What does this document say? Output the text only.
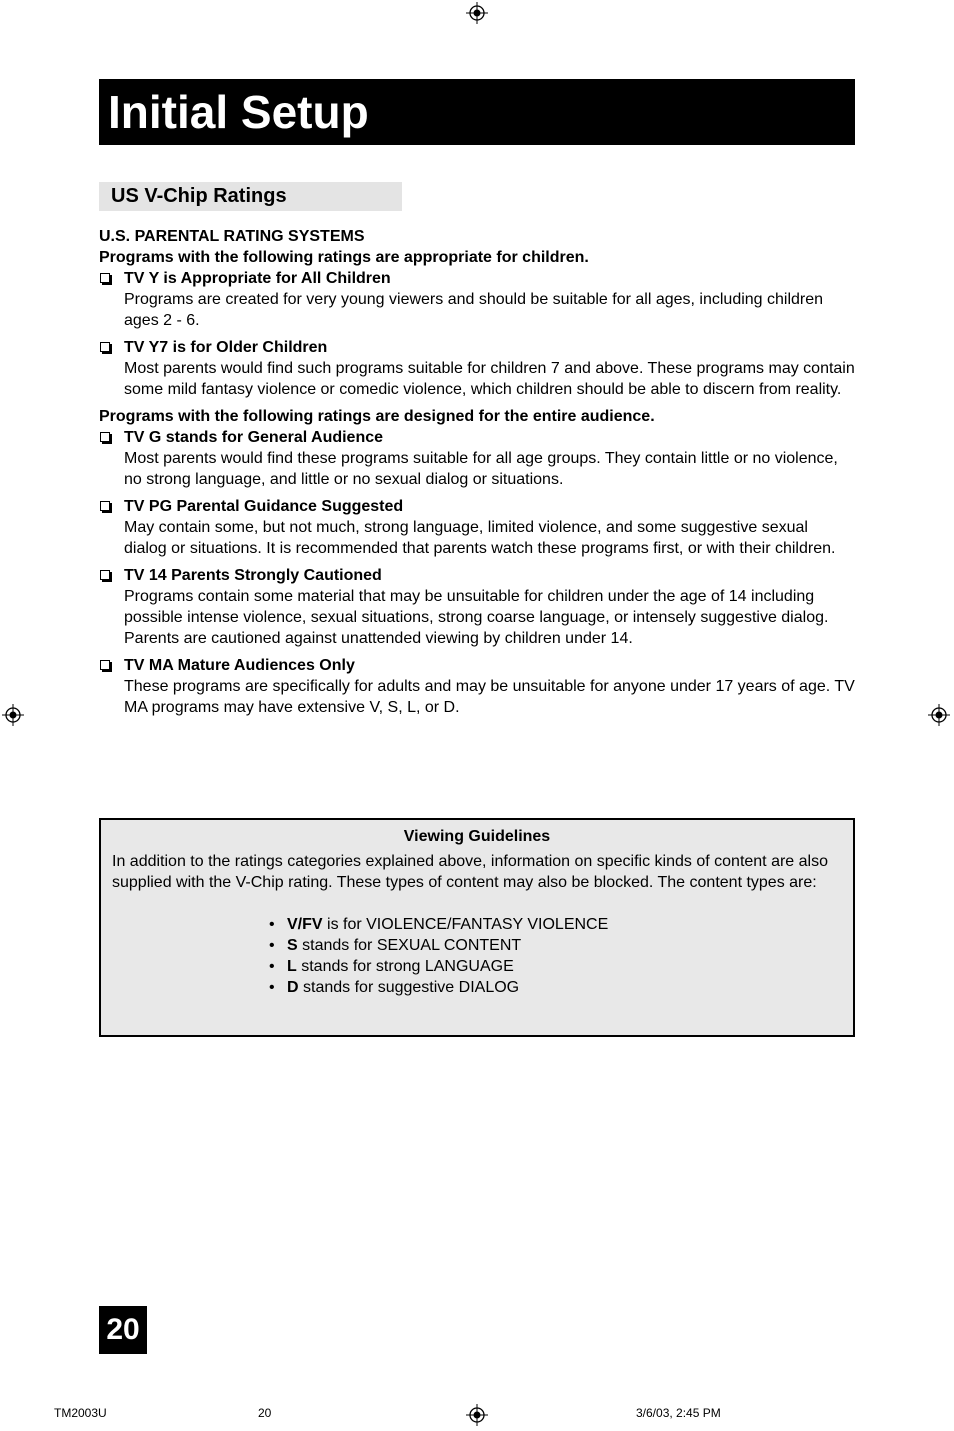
Initial Setup
US V-Chip Ratings

U.S. PARENTAL RATING SYSTEMS

Programs with the following ratings are appropriate for children.

TV Y is Appropriate for All Children
Programs are created for very young viewers and should be suitable for all ages, including children ages 2 - 6.
TV Y7 is for Older Children
Most parents would find such programs suitable for children 7 and above. These programs may contain some mild fantasy violence or comedic violence, which children should be able to discern from reality.

Programs with the following ratings are designed for the entire audience.

TV G stands for General Audience
Most parents would find these programs suitable for all age groups. They contain little or no violence, no strong language, and little or no sexual dialog or situations.
TV PG Parental Guidance Suggested
May contain some, but not much, strong language, limited violence, and some suggestive sexual dialog or situations. It is recommended that parents watch these programs first, or with their children.
TV 14 Parents Strongly Cautioned
Programs contain some material that may be unsuitable for children under the age of 14 including possible intense violence, sexual situations, strong coarse language, or intensely suggestive dialog. Parents are cautioned against unattended viewing by children under 14.
TV MA Mature Audiences Only
These programs are specifically for adults and may be unsuitable for anyone under 17 years of age. TV MA programs may have extensive V, S, L, or D.
Viewing Guidelines
In addition to the ratings categories explained above, information on specific kinds of content are also supplied with the V-Chip rating. These types of content may also be blocked. The content types are:
• V/FV is for VIOLENCE/FANTASY VIOLENCE
• S stands for SEXUAL CONTENT
• L stands for strong LANGUAGE
• D stands for suggestive DIALOG
20
TM2003U	20	3/6/03, 2:45 PM
